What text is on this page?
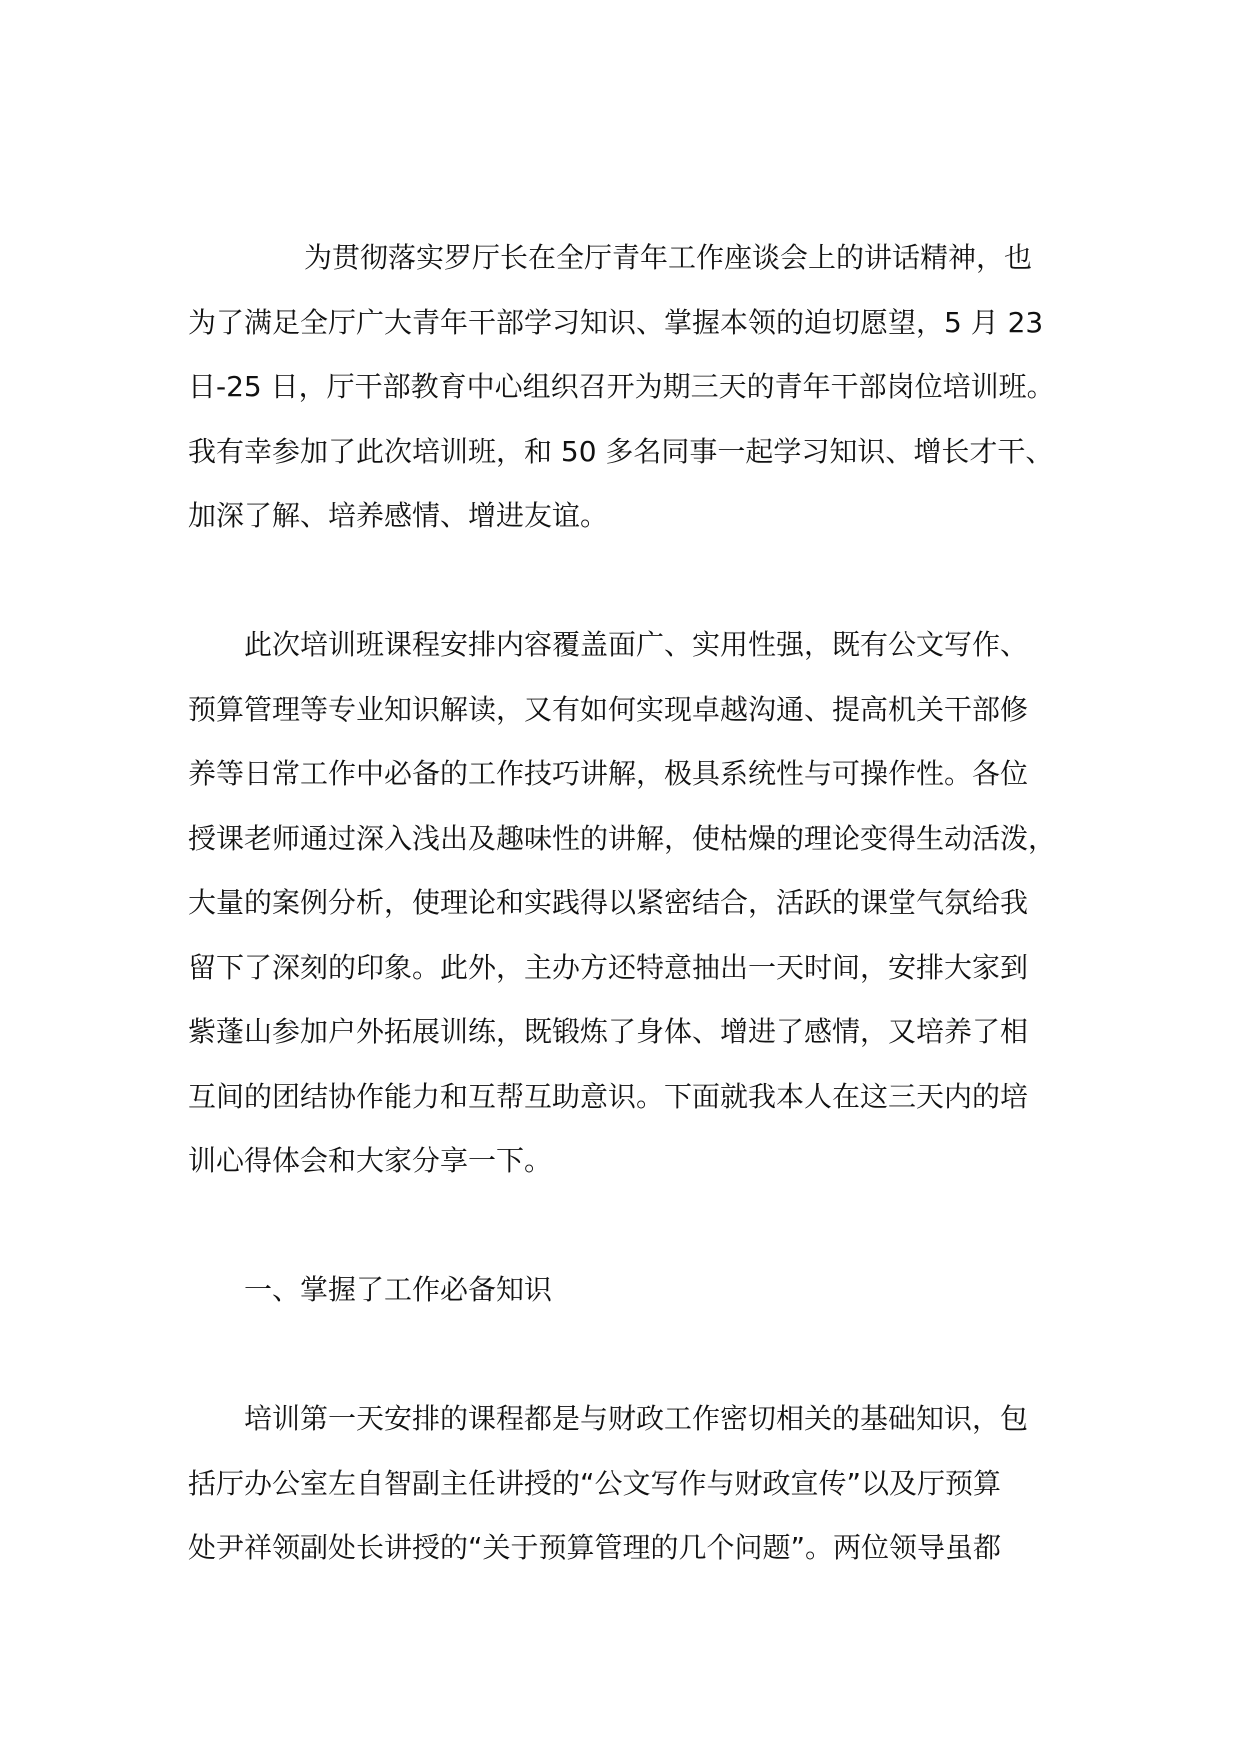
为贯彻落实罗厅长在全厅青年工作座谈会上的讲话精神，也
为了满足全厅广大青年干部学习知识、掌握本领的迫切愿望，5 月 23
日-25 日，厅干部教育中心组织召开为期三天的青年干部岗位培训班。
我有幸参加了此次培训班，和 50 多名同事一起学习知识、增长才干、
加深了解、培养感情、增进友谊。

此次培训班课程安排内容覆盖面广、实用性强，既有公文写作、
预算管理等专业知识解读，又有如何实现卓越沟通、提高机关干部修
养等日常工作中必备的工作技巧讲解，极具系统性与可操作性。各位
授课老师通过深入浅出及趣味性的讲解，使枯燥的理论变得生动活泼，
大量的案例分析，使理论和实践得以紧密结合，活跃的课堂气氛给我
留下了深刻的印象。此外，主办方还特意抽出一天时间，安排大家到
紫蓬山参加户外拓展训练，既锻炼了身体、增进了感情，又培养了相
互间的团结协作能力和互帮互助意识。下面就我本人在这三天内的培
训心得体会和大家分享一下。

一、掌握了工作必备知识

培训第一天安排的课程都是与财政工作密切相关的基础知识，包
括厅办公室左自智副主任讲授的“公文写作与财政宣传”以及厅预算
处尹祥领副处长讲授的“关于预算管理的几个问题”。两位领导虽都
